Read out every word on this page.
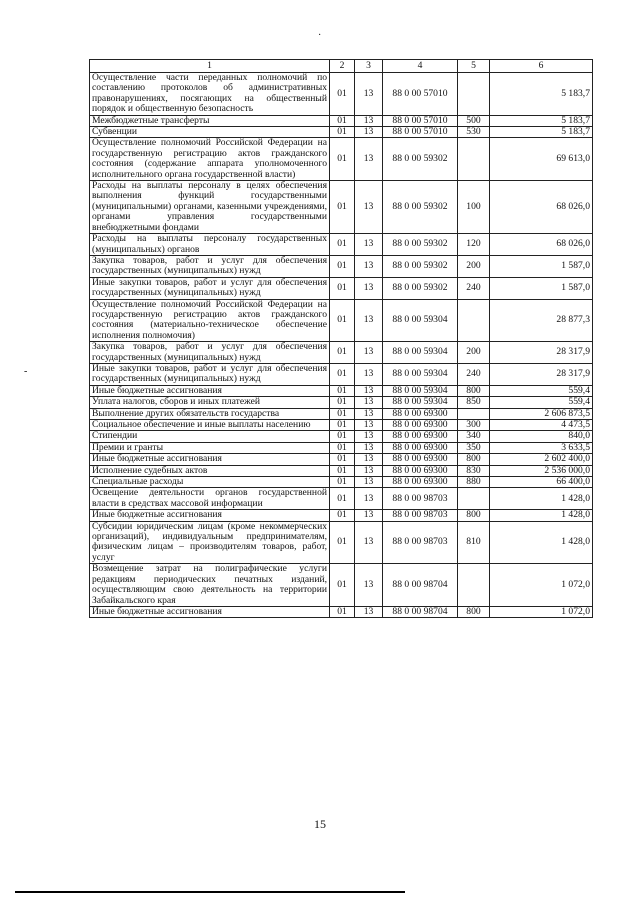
·
-
1	2	3	4	5	6
Осуществление части переданных полномочий по составлению протоколов об административных правонарушениях, посягающих на общественный порядок и общественную безопасность	01	13	88 0 00 57010		5 183,7
Межбюджетные трансферты	01	13	88 0 00 57010	500	5 183,7
Субвенции	01	13	88 0 00 57010	530	5 183,7
Осуществление полномочий Российской Федерации на государственную регистрацию актов гражданского состояния (содержание аппарата уполномоченного исполнительного органа государственной власти)	01	13	88 0 00 59302		69 613,0
Расходы на выплаты персоналу в целях обеспечения выполнения функций государственными (муниципальными) органами, казенными учреждениями, органами управления государственными внебюджетными фондами	01	13	88 0 00 59302	100	68 026,0
Расходы на выплаты персоналу государственных (муниципальных) органов	01	13	88 0 00 59302	120	68 026,0
Закупка товаров, работ и услуг для обеспечения государственных (муниципальных) нужд	01	13	88 0 00 59302	200	1 587,0
Иные закупки товаров, работ и услуг для обеспечения государственных (муниципальных) нужд	01	13	88 0 00 59302	240	1 587,0
Осуществление полномочий Российской Федерации на государственную регистрацию актов гражданского состояния (материально-техническое обеспечение исполнения полномочия)	01	13	88 0 00 59304		28 877,3
Закупка товаров, работ и услуг для обеспечения государственных (муниципальных) нужд	01	13	88 0 00 59304	200	28 317,9
Иные закупки товаров, работ и услуг для обеспечения государственных (муниципальных) нужд	01	13	88 0 00 59304	240	28 317,9
Иные бюджетные ассигнования	01	13	88 0 00 59304	800	559,4
Уплата налогов, сборов и иных платежей	01	13	88 0 00 59304	850	559,4
Выполнение других обязательств государства	01	13	88 0 00 69300		2 606 873,5
Социальное обеспечение и иные выплаты населению	01	13	88 0 00 69300	300	4 473,5
Стипендии	01	13	88 0 00 69300	340	840,0
Премии и гранты	01	13	88 0 00 69300	350	3 633,5
Иные бюджетные ассигнования	01	13	88 0 00 69300	800	2 602 400,0
Исполнение судебных актов	01	13	88 0 00 69300	830	2 536 000,0
Специальные расходы	01	13	88 0 00 69300	880	66 400,0
Освещение деятельности органов государственной власти в средствах массовой информации	01	13	88 0 00 98703		1 428,0
Иные бюджетные ассигнования	01	13	88 0 00 98703	800	1 428,0
Субсидии юридическим лицам (кроме некоммерческих организаций), индивидуальным предпринимателям, физическим лицам – производителям товаров, работ, услуг	01	13	88 0 00 98703	810	1 428,0
Возмещение затрат на полиграфические услуги редакциям периодических печатных изданий, осуществляющим свою деятельность на территории Забайкальского края	01	13	88 0 00 98704		1 072,0
Иные бюджетные ассигнования	01	13	88 0 00 98704	800	1 072,0
15
